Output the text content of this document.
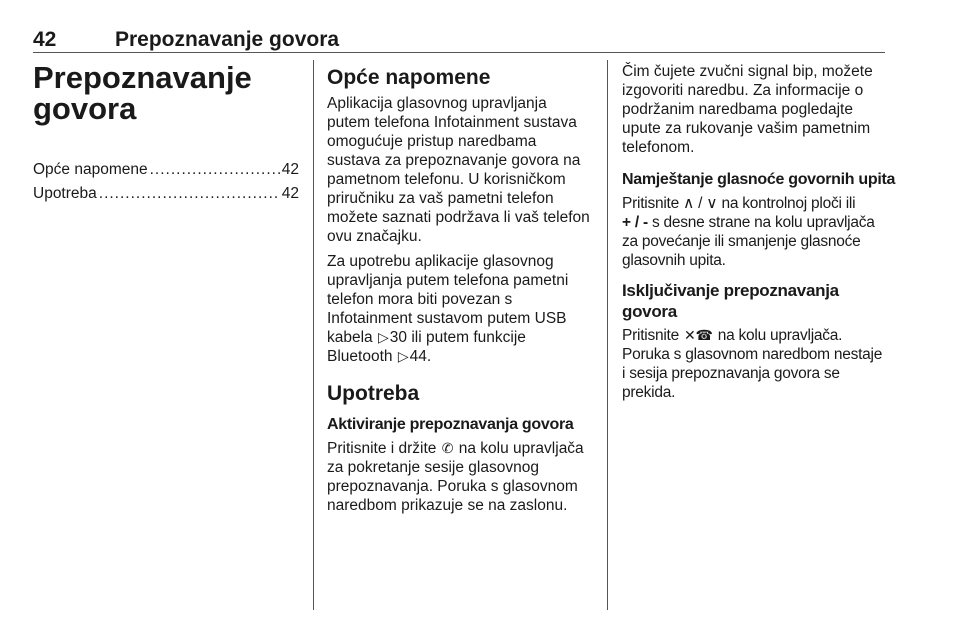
42	Prepoznavanje govora
Prepoznavanje govora
Opće napomene .....	42
Upotreba .....	42
Opće napomene

Aplikacija glasovnog upravljanja putem telefona Infotainment sustava omogućuje pristup naredbama sustava za prepoznavanje govora na pametnom telefonu. U korisničkom priručniku za vaš pametni telefon možete saznati podržava li vaš telefon ovu značajku.

Za upotrebu aplikacije glasovnog upravljanja putem telefona pametni telefon mora biti povezan s Infotainment sustavom putem USB kabela ▷30 ili putem funkcije Bluetooth ▷44.

Upotreba
Aktiviranje prepoznavanja govora

Pritisnite i držite ✆ na kolu upravljača za pokretanje sesije glasovnog prepoznavanja. Poruka s glasovnom naredbom prikazuje se na zaslonu.

Čim čujete zvučni signal bip, možete izgovoriti naredbu. Za informacije o podržanim naredbama pogledajte upute za rukovanje vašim pametnim telefonom.

Namještanje glasnoće govornih upita

Pritisnite ∧ / ∨ na kontrolnoj ploči ili
+ / - s desne strane na kolu upravljača za povećanje ili smanjenje glasnoće glasovnih upita.

Isključivanje prepoznavanja govora

Pritisnite ✕☎ na kolu upravljača. Poruka s glasovnom naredbom nestaje i sesija prepoznavanja govora se prekida.
